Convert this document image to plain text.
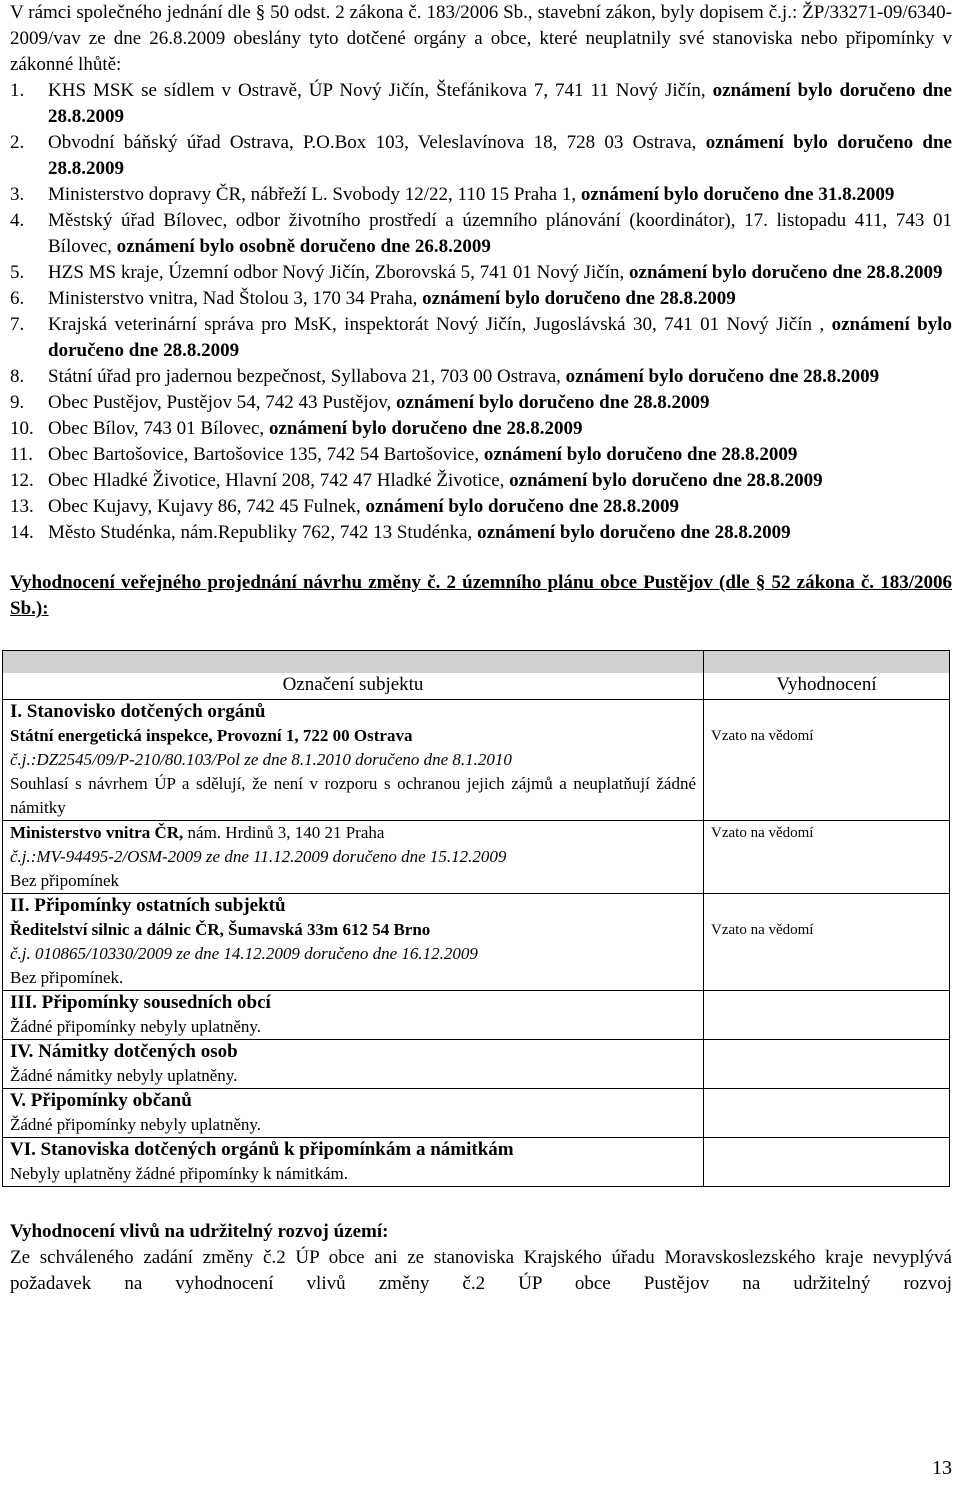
V rámci společného jednání dle § 50 odst. 2 zákona č. 183/2006 Sb., stavební zákon, byly dopisem č.j.: ŽP/33271-09/6340-2009/vav ze dne 26.8.2009 obeslány tyto dotčené orgány a obce, které neuplatnily své stanoviska nebo připomínky v zákonné lhůtě:

1. KHS MSK se sídlem v Ostravě, ÚP Nový Jičín, Štefánikova 7, 741 11 Nový Jičín, oznámení bylo doručeno dne 28.8.2009
2. Obvodní báňský úřad Ostrava, P.O.Box 103, Veleslavínova 18, 728 03 Ostrava, oznámení bylo doručeno dne 28.8.2009
3. Ministerstvo dopravy ČR, nábřeží L. Svobody 12/22, 110 15 Praha 1, oznámení bylo doručeno dne 31.8.2009
4. Městský úřad Bílovec, odbor životního prostředí a územního plánování (koordinátor), 17. listopadu 411, 743 01 Bílovec, oznámení bylo osobně doručeno dne 26.8.2009
5. HZS MS kraje, Územní odbor Nový Jičín, Zborovská 5, 741 01 Nový Jičín, oznámení bylo doručeno dne 28.8.2009
6. Ministerstvo vnitra, Nad Štolou 3, 170 34 Praha, oznámení bylo doručeno dne 28.8.2009
7. Krajská veterinární správa pro MsK, inspektorát Nový Jičín, Jugoslávská 30, 741 01 Nový Jičín , oznámení bylo doručeno dne 28.8.2009
8. Státní úřad pro jadernou bezpečnost, Syllabova 21, 703 00 Ostrava, oznámení bylo doručeno dne 28.8.2009
9. Obec Pustějov, Pustějov 54, 742 43 Pustějov, oznámení bylo doručeno dne 28.8.2009
10. Obec Bílov, 743 01 Bílovec, oznámení bylo doručeno dne 28.8.2009
11. Obec Bartošovice, Bartošovice 135, 742 54 Bartošovice, oznámení bylo doručeno dne 28.8.2009
12. Obec Hladké Životice, Hlavní 208, 742 47 Hladké Životice, oznámení bylo doručeno dne 28.8.2009
13. Obec Kujavy, Kujavy 86, 742 45 Fulnek, oznámení bylo doručeno dne 28.8.2009
14. Město Studénka, nám.Republiky 762, 742 13 Studénka, oznámení bylo doručeno dne 28.8.2009

Vyhodnocení veřejného projednání návrhu změny č. 2 územního plánu obce Pustějov (dle § 52 zákona č. 183/2006 Sb.):

Označení subjektu	Vyhodnocení

I. Stanovisko dotčených orgánů
Státní energetická inspekce, Provozní 1, 722 00 Ostrava
č.j.:DZ2545/09/P-210/80.103/Pol ze dne 8.1.2010 doručeno dne 8.1.2010
Souhlasí s návrhem ÚP a sdělují, že není v rozporu s ochranou jejich zájmů a neuplatňují žádné námitky	Vzato na vědomí

Ministerstvo vnitra ČR, nám. Hrdinů 3, 140 21 Praha
č.j.:MV-94495-2/OSM-2009 ze dne 11.12.2009 doručeno dne 15.12.2009
Bez připomínek	Vzato na vědomí

II. Připomínky ostatních subjektů
Ředitelství silnic a dálnic ČR, Šumavská 33m 612 54 Brno
č.j. 010865/10330/2009 ze dne 14.12.2009 doručeno dne 16.12.2009
Bez připomínek.	Vzato na vědomí

III. Připomínky sousedních obcí
Žádné připomínky nebyly uplatněny.	

IV. Námitky dotčených osob
Žádné námitky nebyly uplatněny.	

V. Připomínky občanů
Žádné připomínky nebyly uplatněny.	

VI. Stanoviska dotčených orgánů k připomínkám a námitkám
Nebyly uplatněny žádné připomínky k námitkám.	

Vyhodnocení vlivů na udržitelný rozvoj území:

Ze schváleného zadání změny č.2 ÚP obce ani ze stanoviska Krajského úřadu Moravskoslezského kraje nevyplývá požadavek na vyhodnocení vlivů změny č.2 ÚP obce Pustějov na udržitelný rozvoj

13
